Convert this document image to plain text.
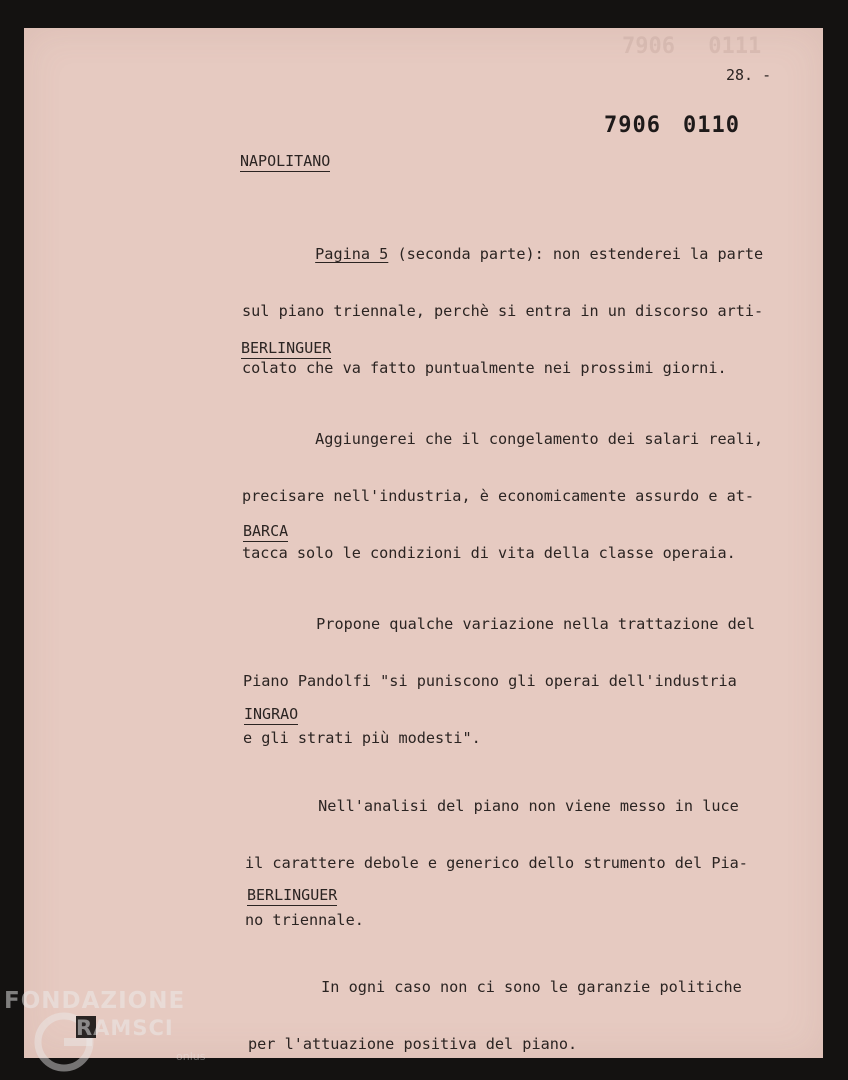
7906 0111
28. -
7906 0110
NAPOLITANO

Pagina 5 (seconda parte): non estenderei la parte

sul piano triennale, perchè si entra in un discorso arti-

colato che va fatto puntualmente nei prossimi giorni.

BERLINGUER

Aggiungerei che il congelamento dei salari reali,

precisare nell'industria, è economicamente assurdo e at-

tacca solo le condizioni di vita della classe operaia.

BARCA

Propone qualche variazione nella trattazione del

Piano Pandolfi "si puniscono gli operai dell'industria

e gli strati più modesti".

INGRAO

Nell'analisi del piano non viene messo in luce

il carattere debole e generico dello strumento del Pia-

no triennale.

BERLINGUER

In ogni caso non ci sono le garanzie politiche

per l'attuazione positiva del piano.

FONDAZIONE
RAMSCI
onlus
